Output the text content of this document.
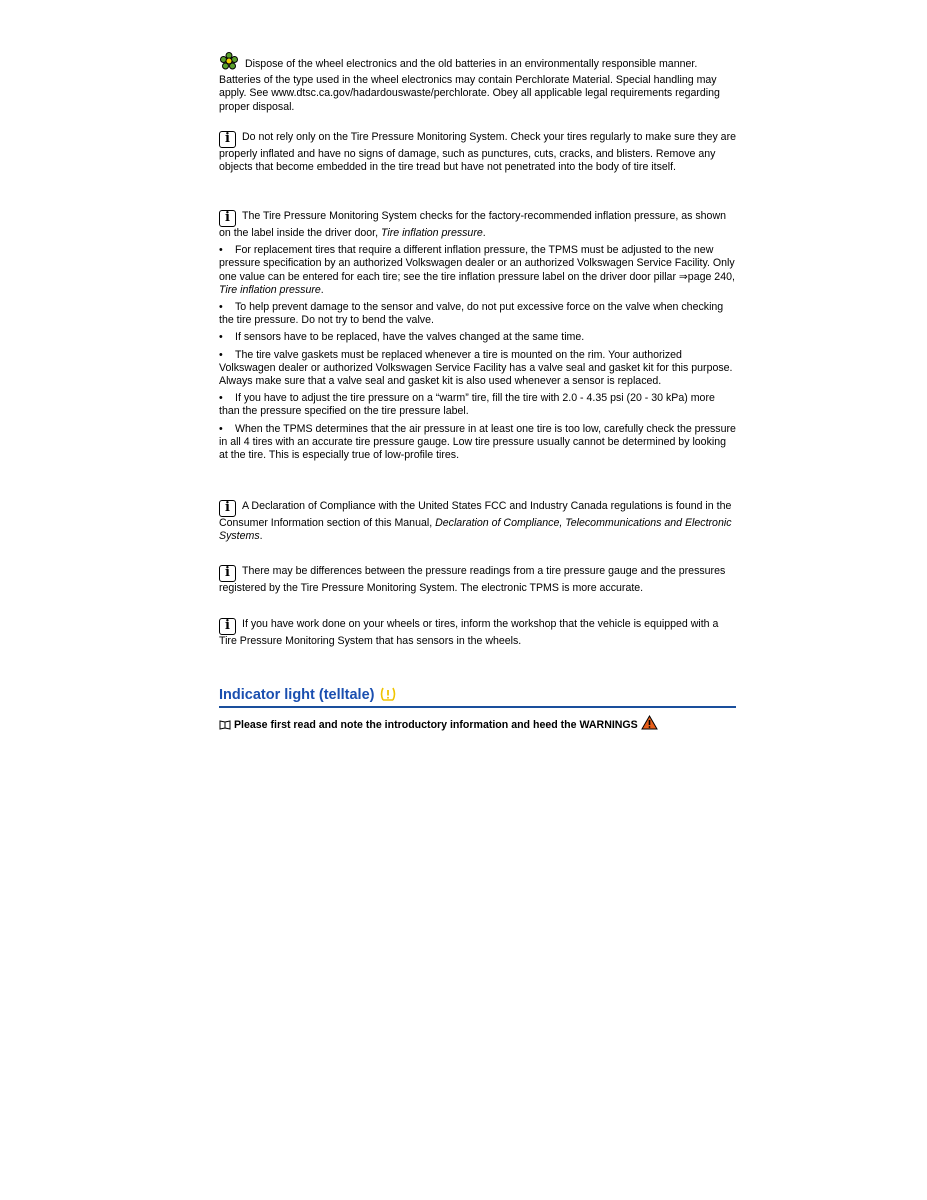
Dispose of the wheel electronics and the old batteries in an environmentally responsible manner. Batteries of the type used in the wheel electronics may contain Perchlorate Material. Special handling may apply. See www.dtsc.ca.gov/hadardouswaste/perchlorate. Obey all applicable legal requirements regarding proper disposal.
i Do not rely only on the Tire Pressure Monitoring System. Check your tires regularly to make sure they are properly inflated and have no signs of damage, such as punctures, cuts, cracks, and blisters. Remove any objects that become embedded in the tire tread but have not penetrated into the body of tire itself.
i The Tire Pressure Monitoring System checks for the factory-recommended inflation pressure, as shown on the label inside the driver door, Tire inflation pressure.
• For replacement tires that require a different inflation pressure, the TPMS must be adjusted to the new pressure specification by an authorized Volkswagen dealer or an authorized Volkswagen Service Facility. Only one value can be entered for each tire; see the tire inflation pressure label on the driver door pillar ⇒page 240, Tire inflation pressure.
• To help prevent damage to the sensor and valve, do not put excessive force on the valve when checking the tire pressure. Do not try to bend the valve.
• If sensors have to be replaced, have the valves changed at the same time.
• The tire valve gaskets must be replaced whenever a tire is mounted on the rim. Your authorized Volkswagen dealer or authorized Volkswagen Service Facility has a valve seal and gasket kit for this purpose. Always make sure that a valve seal and gasket kit is also used whenever a sensor is replaced.
• If you have to adjust the tire pressure on a “warm” tire, fill the tire with 2.0 - 4.35 psi (20 - 30 kPa) more than the pressure specified on the tire pressure label.
• When the TPMS determines that the air pressure in at least one tire is too low, carefully check the pressure in all 4 tires with an accurate tire pressure gauge. Low tire pressure usually cannot be determined by looking at the tire. This is especially true of low-profile tires.
i A Declaration of Compliance with the United States FCC and Industry Canada regulations is found in the Consumer Information section of this Manual, Declaration of Compliance, Telecommunications and Electronic Systems.
i There may be differences between the pressure readings from a tire pressure gauge and the pressures registered by the Tire Pressure Monitoring System. The electronic TPMS is more accurate.
i If you have work done on your wheels or tires, inform the workshop that the vehicle is equipped with a Tire Pressure Monitoring System that has sensors in the wheels.
Indicator light (telltale)
Please first read and note the introductory information and heed the WARNINGS
